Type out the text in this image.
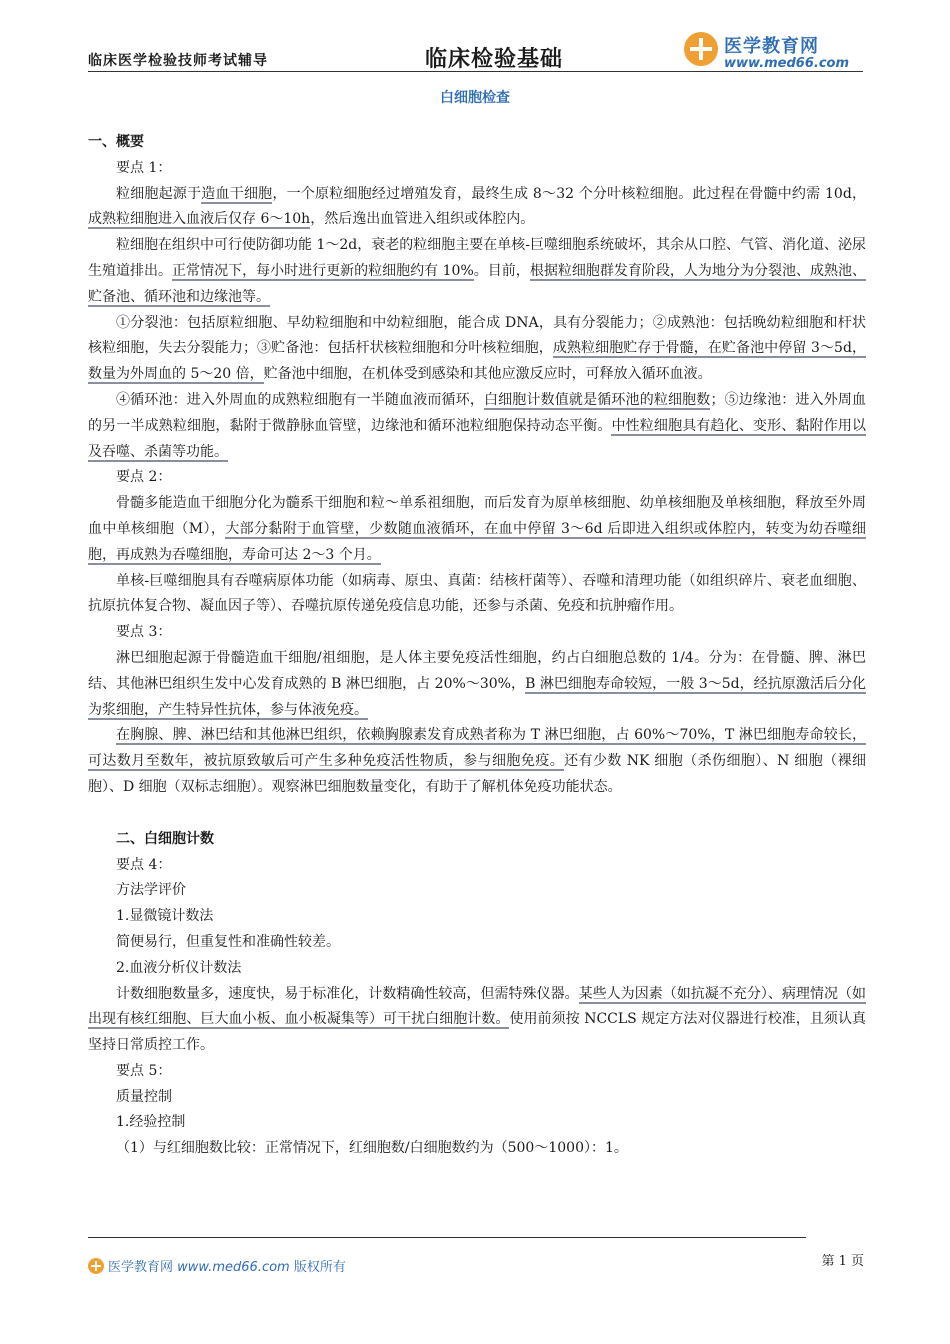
临床医学检验技师考试辅导	临床检验基础
医学教育网
www.med66.com
白细胞检查
一、概要

要点 1：

粒细胞起源于造血干细胞，一个原粒细胞经过增殖发育，最终生成 8～32 个分叶核粒细胞。此过程在骨髓中约需 10d，成熟粒细胞进入血液后仅存 6～10h，然后逸出血管进入组织或体腔内。

粒细胞在组织中可行使防御功能 1～2d，衰老的粒细胞主要在单核-巨噬细胞系统破坏，其余从口腔、气管、消化道、泌尿生殖道排出。正常情况下，每小时进行更新的粒细胞约有 10%。目前，根据粒细胞群发育阶段，人为地分为分裂池、成熟池、贮备池、循环池和边缘池等。

①分裂池：包括原粒细胞、早幼粒细胞和中幼粒细胞，能合成 DNA，具有分裂能力；②成熟池：包括晚幼粒细胞和杆状核粒细胞，失去分裂能力；③贮备池：包括杆状核粒细胞和分叶核粒细胞，成熟粒细胞贮存于骨髓，在贮备池中停留 3～5d，数量为外周血的 5～20 倍，贮备池中细胞，在机体受到感染和其他应激反应时，可释放入循环血液。

④循环池：进入外周血的成熟粒细胞有一半随血液而循环，白细胞计数值就是循环池的粒细胞数；⑤边缘池：进入外周血的另一半成熟粒细胞，黏附于微静脉血管壁，边缘池和循环池粒细胞保持动态平衡。中性粒细胞具有趋化、变形、黏附作用以及吞噬、杀菌等功能。

要点 2：

骨髓多能造血干细胞分化为髓系干细胞和粒～单系祖细胞，而后发育为原单核细胞、幼单核细胞及单核细胞，释放至外周血中单核细胞（M），大部分黏附于血管壁，少数随血液循环，在血中停留 3～6d 后即进入组织或体腔内，转变为幼吞噬细胞，再成熟为吞噬细胞，寿命可达 2～3 个月。

单核-巨噬细胞具有吞噬病原体功能（如病毒、原虫、真菌：结核杆菌等）、吞噬和清理功能（如组织碎片、衰老血细胞、抗原抗体复合物、凝血因子等）、吞噬抗原传递免疫信息功能，还参与杀菌、免疫和抗肿瘤作用。

要点 3：

淋巴细胞起源于骨髓造血干细胞/祖细胞，是人体主要免疫活性细胞，约占白细胞总数的 1/4。分为：在骨髓、脾、淋巴结、其他淋巴组织生发中心发育成熟的 B 淋巴细胞，占 20%～30%，B 淋巴细胞寿命较短，一般 3～5d，经抗原激活后分化为浆细胞，产生特异性抗体，参与体液免疫。

在胸腺、脾、淋巴结和其他淋巴组织，依赖胸腺素发育成熟者称为 T 淋巴细胞，占 60%～70%，T 淋巴细胞寿命较长，可达数月至数年，被抗原致敏后可产生多种免疫活性物质，参与细胞免疫。还有少数 NK 细胞（杀伤细胞）、N 细胞（裸细胞）、D 细胞（双标志细胞）。观察淋巴细胞数量变化，有助于了解机体免疫功能状态。

二、白细胞计数

要点 4：

方法学评价

1.显微镜计数法

简便易行，但重复性和准确性较差。

2.血液分析仪计数法

计数细胞数量多，速度快，易于标准化，计数精确性较高，但需特殊仪器。某些人为因素（如抗凝不充分）、病理情况（如出现有核红细胞、巨大血小板、血小板凝集等）可干扰白细胞计数。使用前须按 NCCLS 规定方法对仪器进行校准，且须认真坚持日常质控工作。

要点 5：

质量控制

1.经验控制

（1）与红细胞数比较：正常情况下，红细胞数/白细胞数约为（500～1000）：1。

医学教育网 www.med66.com 版权所有	第 1 页
